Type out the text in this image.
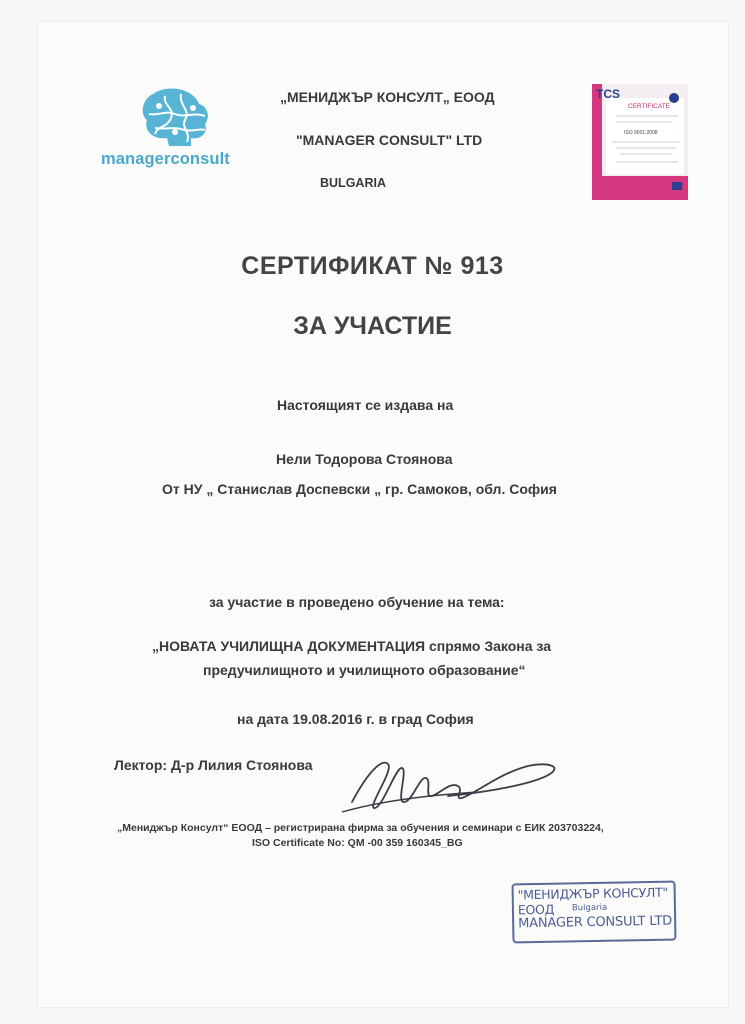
managerconsult
„МЕНИДЖЪР КОНСУЛТ„ ЕООД
"MANAGER CONSULT" LTD
BULGARIA
TCS
CERTIFICATE
ISO 9001:2008
СЕРТИФИКАТ № 913
ЗА УЧАСТИЕ
Настоящият се издава на
Нели Тодорова Стоянова
От НУ „ Станислав Доспевски „ гр. Самоков, обл. София
за участие в проведено обучение на тема:
„НОВАТА УЧИЛИЩНА ДОКУМЕНТАЦИЯ спрямо Закона за
предучилищното и училищното образование“
на дата 19.08.2016 г. в град София
Лектор: Д-р Лилия Стоянова
„Мениджър Консулт“ ЕООД – регистрирана фирма за обучения и семинари с ЕИК 203703224,
ISO Certificate No: QM -00 359 160345_BG
"МЕНИДЖЪР КОНСУЛТ" ЕООД	Bulgaria
MANAGER CONSULT LTD
